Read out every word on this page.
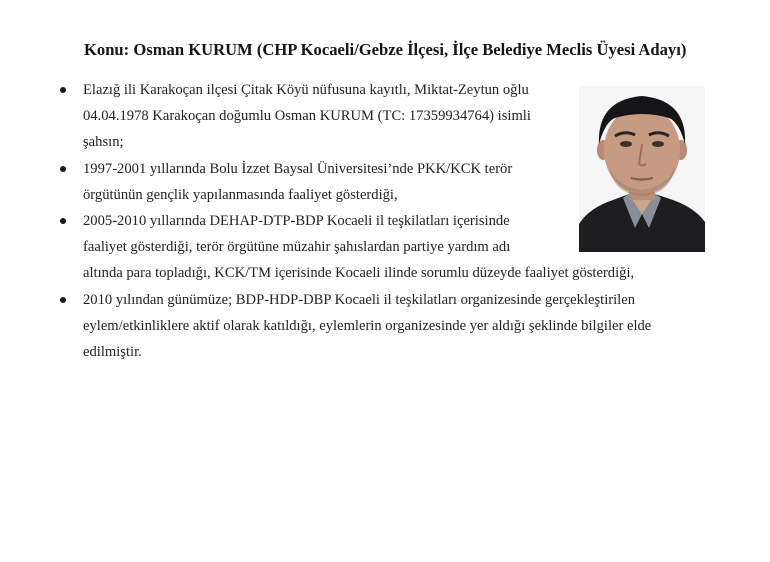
Konu: Osman KURUM (CHP Kocaeli/Gebze İlçesi, İlçe Belediye Meclis Üyesi Adayı)
Elazığ ili Karakoçan ilçesi Çitak Köyü nüfusuna kayıtlı, Miktat-Zeytun oğlu
04.04.1978 Karakoçan doğumlu Osman KURUM (TC: 17359934764) isimli
şahsın;
1997-2001 yıllarında Bolu İzzet Baysal Üniversitesi’nde PKK/KCK terör
örgütünün gençlik yapılanmasında faaliyet gösterdiği,
2005-2010 yıllarında DEHAP-DTP-BDP Kocaeli il teşkilatları içerisinde
faaliyet gösterdiği, terör örgütüne müzahir şahıslardan partiye yardım adı
altında para topladığı, KCK/TM içerisinde Kocaeli ilinde sorumlu düzeyde faaliyet gösterdiği,
2010 yılından günümüze; BDP-HDP-DBP Kocaeli il teşkilatları organizesinde gerçekleştirilen
eylem/etkinliklere aktif olarak katıldığı, eylemlerin organizesinde yer aldığı şeklinde bilgiler elde
edilmiştir.
